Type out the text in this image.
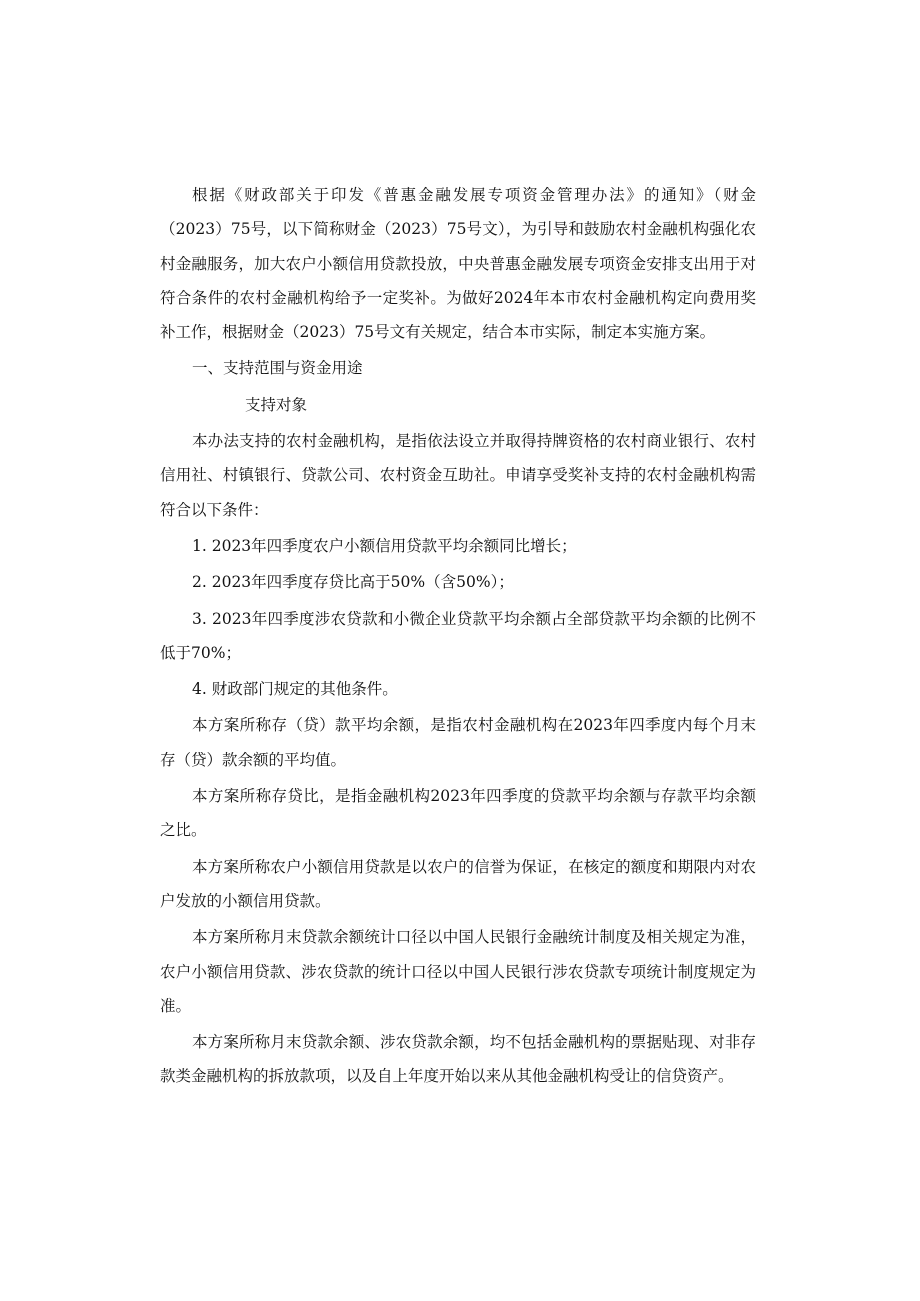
根据《财政部关于印发《普惠金融发展专项资金管理办法》的通知》（财金（2023）75号，以下简称财金（2023）75号文），为引导和鼓励农村金融机构强化农村金融服务，加大农户小额信用贷款投放，中央普惠金融发展专项资金安排支出用于对符合条件的农村金融机构给予一定奖补。为做好2024年本市农村金融机构定向费用奖补工作，根据财金（2023）75号文有关规定，结合本市实际，制定本实施方案。

一、支持范围与资金用途

支持对象

本办法支持的农村金融机构，是指依法设立并取得持牌资格的农村商业银行、农村信用社、村镇银行、贷款公司、农村资金互助社。申请享受奖补支持的农村金融机构需符合以下条件：

1. 2023年四季度农户小额信用贷款平均余额同比增长；

2. 2023年四季度存贷比高于50%（含50%）；

3. 2023年四季度涉农贷款和小微企业贷款平均余额占全部贷款平均余额的比例不低于70%；

4. 财政部门规定的其他条件。

本方案所称存（贷）款平均余额，是指农村金融机构在2023年四季度内每个月末存（贷）款余额的平均值。

本方案所称存贷比，是指金融机构2023年四季度的贷款平均余额与存款平均余额之比。

本方案所称农户小额信用贷款是以农户的信誉为保证，在核定的额度和期限内对农户发放的小额信用贷款。

本方案所称月末贷款余额统计口径以中国人民银行金融统计制度及相关规定为准，农户小额信用贷款、涉农贷款的统计口径以中国人民银行涉农贷款专项统计制度规定为准。

本方案所称月末贷款余额、涉农贷款余额，均不包括金融机构的票据贴现、对非存款类金融机构的拆放款项，以及自上年度开始以来从其他金融机构受让的信贷资产。
